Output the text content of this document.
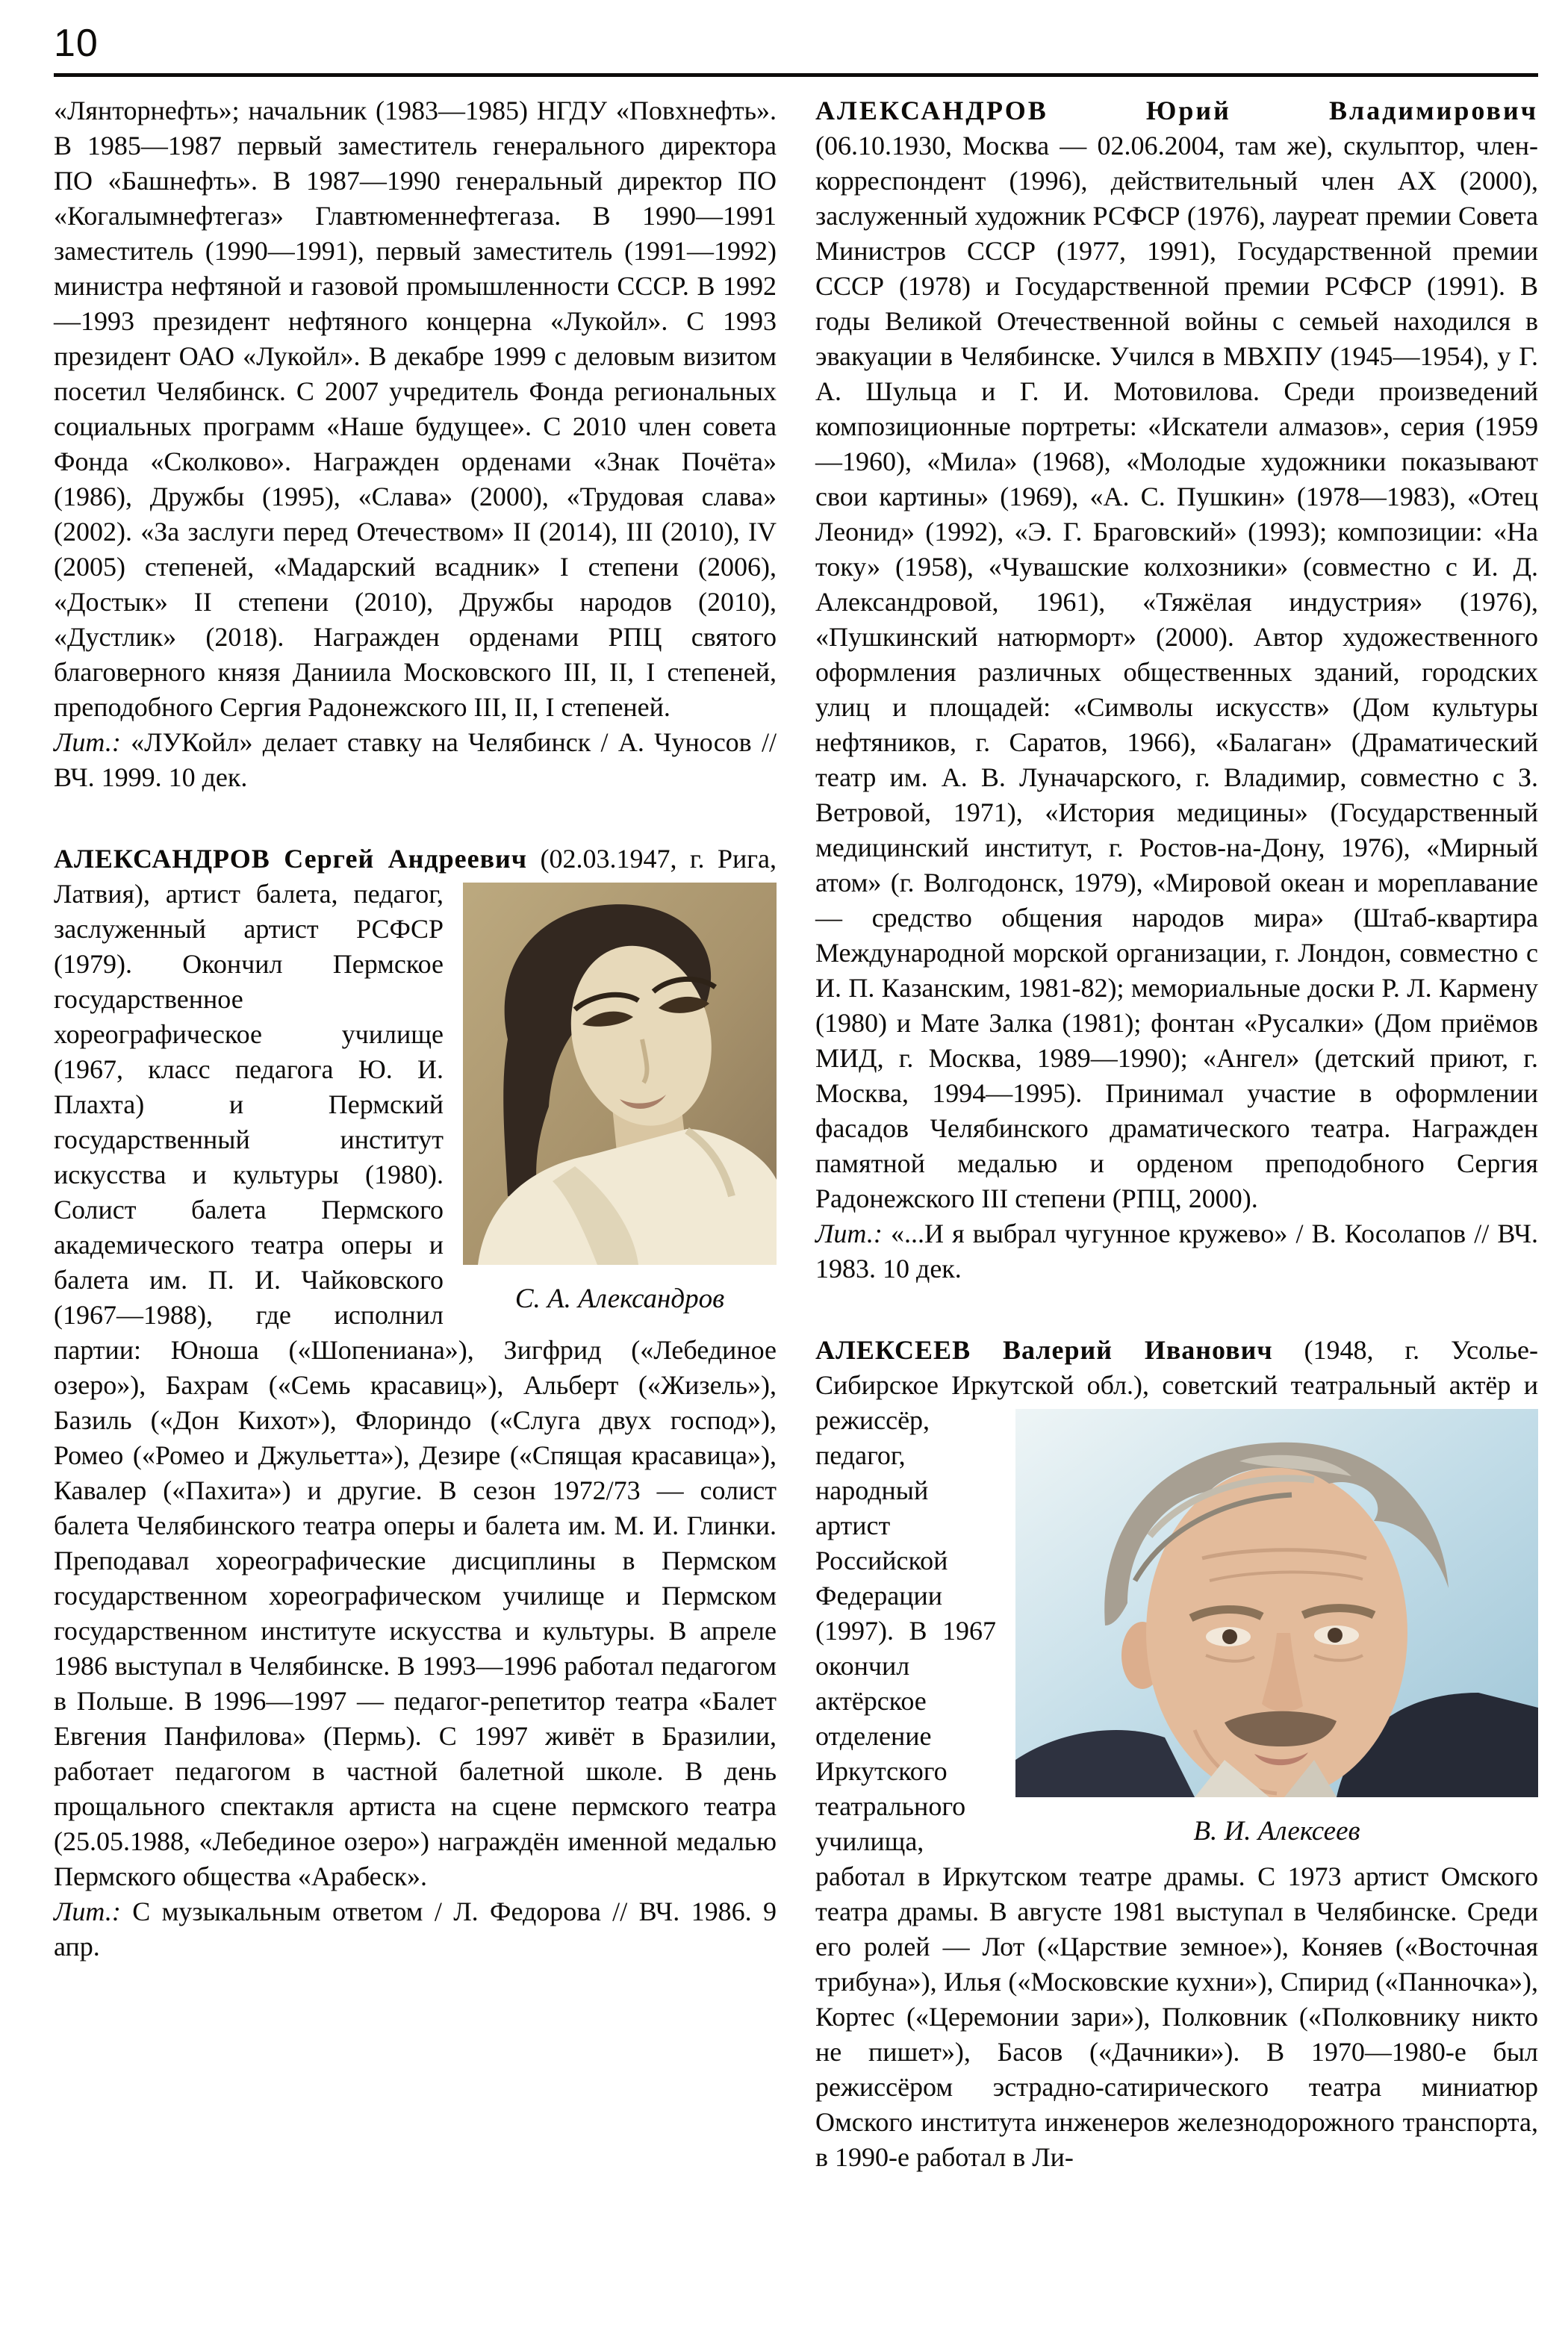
10

«Лянторнефть»; начальник (1983—1985) НГДУ «Повхнефть». В 1985—1987 первый заместитель генерального директора ПО «Башнефть». В 1987—1990 генеральный директор ПО «Когалымнефтегаз» Главтюменнефтегаза. В 1990—1991 заместитель (1990—1991), первый заместитель (1991—1992) министра нефтяной и газовой промышленности СССР. В 1992—1993 президент нефтяного концерна «Лукойл». С 1993 президент ОАО «Лукойл». В декабре 1999 с деловым визитом посетил Челябинск. С 2007 учредитель Фонда региональных социальных программ «Наше будущее». С 2010 член совета Фонда «Сколково». Награжден орденами «Знак Почёта» (1986), Дружбы (1995), «Слава» (2000), «Трудовая слава» (2002). «За заслуги перед Отечеством» II (2014), III (2010), IV (2005) степеней, «Мадарский всадник» I степени (2006), «Достык» II степени (2010), Дружбы народов (2010), «Дустлик» (2018). Награжден орденами РПЦ святого благоверного князя Даниила Московского III, II, I степеней, преподобного Сергия Радонежского III, II, I степеней.

Лит.: «ЛУКойл» делает ставку на Челябинск / А. Чуносов // ВЧ. 1999. 10 дек.

АЛЕКСАНДРОВ Сергей Андреевич (02.03.1947, г. Рига, Латвия), артист балета, педагог,
С. А. Александров
заслуженный артист РСФСР (1979). Окончил Пермское государственное хореографическое училище (1967, класс педагога Ю. И. Плахта) и Пермский государственный институт искусства и культуры (1980). Солист балета Пермского академического театра оперы и балета им. П. И. Чайковского (1967—1988), где исполнил партии: Юноша («Шопениана»), Зигфрид («Лебединое озеро»), Бахрам («Семь красавиц»), Альберт («Жизель»), Базиль («Дон Кихот»), Флориндо («Слуга двух господ»), Ромео («Ромео и Джульетта»), Дезире («Спящая красавица»), Кавалер («Пахита») и другие. В сезон 1972/73 — солист балета Челябинского театра оперы и балета им. М. И. Глинки. Преподавал хореографические дисциплины в Пермском государственном хореографическом училище и Пермском государственном институте искусства и культуры. В апреле 1986 выступал в Челябинске. В 1993—1996 работал педагогом в Польше. В 1996—1997 — педагог-репетитор театра «Балет Евгения Панфилова» (Пермь). С 1997 живёт в Бразилии, работает педагогом в частной балетной школе. В день прощального спектакля артиста на сцене пермского театра (25.05.1988, «Лебединое озеро») награждён именной медалью Пермского общества «Арабеск».

Лит.: С музыкальным ответом / Л. Федорова // ВЧ. 1986. 9 апр.

АЛЕКСАНДРОВ Юрий Владимирович

(06.10.1930, Москва — 02.06.2004, там же), скульптор, член-корреспондент (1996), действительный член АХ (2000), заслуженный художник РСФСР (1976), лауреат премии Совета Министров СССР (1977, 1991), Государственной премии СССР (1978) и Государственной премии РСФСР (1991). В годы Великой Отечественной войны с семьей находился в эвакуации в Челябинске. Учился в МВХПУ (1945—1954), у Г. А. Шульца и Г. И. Мотовилова. Среди произведений композиционные портреты: «Искатели алмазов», серия (1959—1960), «Мила» (1968), «Молодые художники показывают свои картины» (1969), «А. С. Пушкин» (1978—1983), «Отец Леонид» (1992), «Э. Г. Браговский» (1993); композиции: «На току» (1958), «Чувашские колхозники» (совместно с И. Д. Александровой, 1961), «Тяжёлая индустрия» (1976), «Пушкинский натюрморт» (2000). Автор художественного оформления различных общественных зданий, городских улиц и площадей: «Символы искусств» (Дом культуры нефтяников, г. Саратов, 1966), «Балаган» (Драматический театр им. А. В. Луначарского, г. Владимир, совместно с З. Ветровой, 1971), «История медицины» (Государственный медицинский институт, г. Ростов-на-Дону, 1976), «Мирный атом» (г. Волгодонск, 1979), «Мировой океан и мореплавание — средство общения народов мира» (Штаб-квартира Международной морской организации, г. Лондон, совместно с И. П. Казанским, 1981-82); мемориальные доски Р. Л. Кармену (1980) и Мате Залка (1981); фонтан «Русалки» (Дом приёмов МИД, г. Москва, 1989—1990); «Ангел» (детский приют, г. Москва, 1994—1995). Принимал участие в оформлении фасадов Челябинского драматического театра. Награжден памятной медалью и орденом преподобного Сергия Радонежского III степени (РПЦ, 2000).

Лит.: «...И я выбрал чугунное кружево» / В. Косолапов // ВЧ. 1983. 10 дек.

АЛЕКСЕЕВ Валерий Иванович (1948, г. Усолье-Сибирское Иркутской обл.), советский
В. И. Алексеев
театральный актёр и режиссёр, педагог, народный артист Российской Федерации (1997). В 1967 окончил актёрское отделение Иркутского театрального училища, работал в Иркутском театре драмы. С 1973 артист Омского театра драмы. В августе 1981 выступал в Челябинске. Среди его ролей — Лот («Царствие земное»), Коняев («Восточная трибуна»), Илья («Московские кухни»), Спирид («Панночка»), Кортес («Церемонии зари»), Полковник («Полковнику никто не пишет»), Басов («Дачники»). В 1970—1980-е был режиссёром эстрадно-сатирического театра миниатюр Омского института инженеров железнодорожного транспорта, в 1990-е работал в Ли-
